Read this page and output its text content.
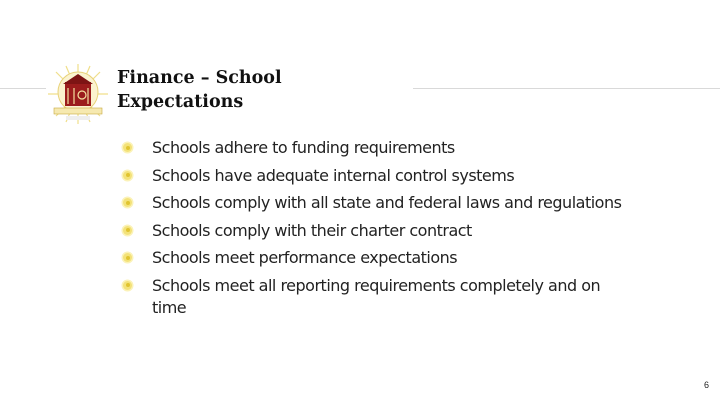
Finance – School
Expectations
Schools adhere to funding requirements
Schools have adequate internal control systems
Schools comply with all state and federal laws and regulations
Schools comply with their charter contract
Schools meet performance expectations
Schools meet all reporting requirements completely and on time
6
